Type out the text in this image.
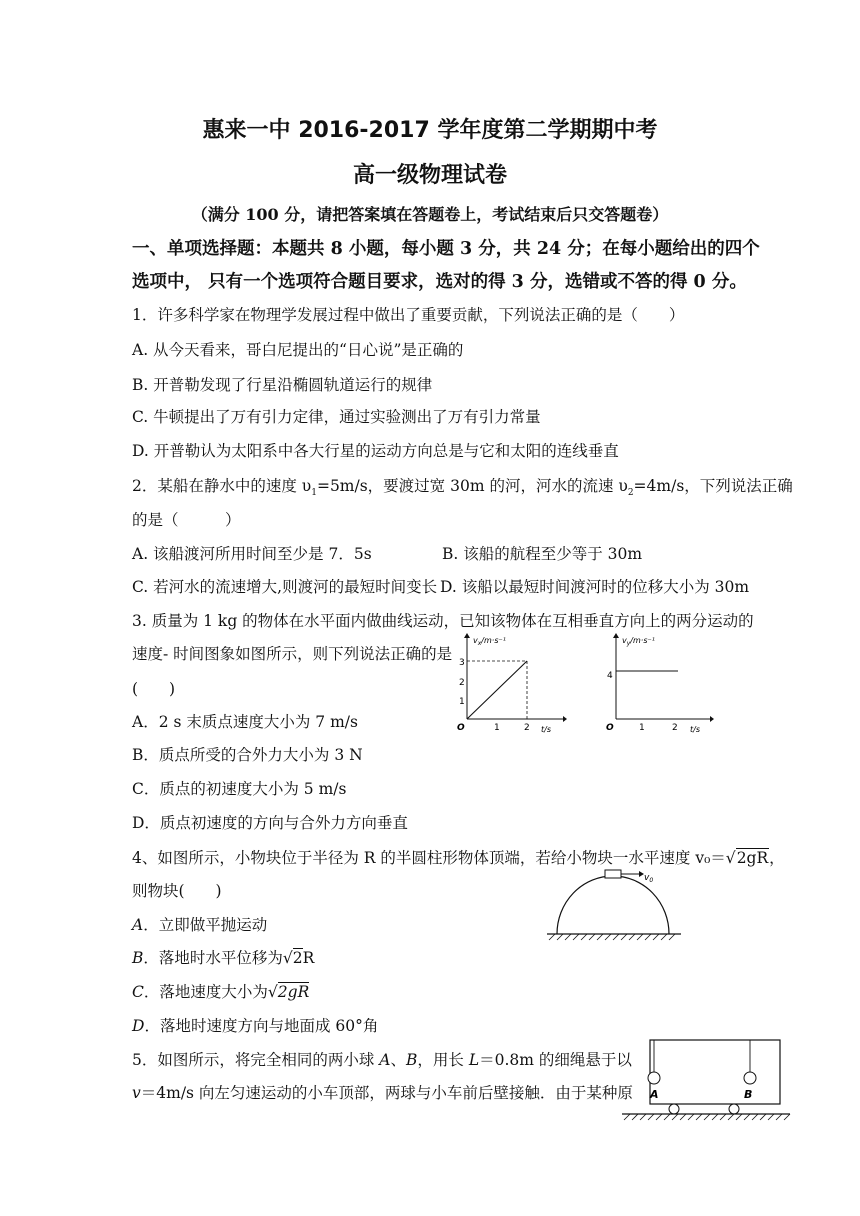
惠来一中 2016-2017 学年度第二学期期中考
高一级物理试卷
（满分 100 分，请把答案填在答题卷上，考试结束后只交答题卷）
一、单项选择题：本题共 8 小题，每小题 3 分，共 24 分；在每小题给出的四个
选项中， 只有一个选项符合题目要求，选对的得 3 分，选错或不答的得 0 分。
1．许多科学家在物理学发展过程中做出了重要贡献，下列说法正确的是（　　）
A. 从今天看来，哥白尼提出的“日心说”是正确的
B. 开普勒发现了行星沿椭圆轨道运行的规律
C. 牛顿提出了万有引力定律，通过实验测出了万有引力常量
D. 开普勒认为太阳系中各大行星的运动方向总是与它和太阳的连线垂直
2．某船在静水中的速度 $\upsilon_1=5m/s$，要渡过宽 30m 的河，河水的流速 $\upsilon_2=4m/s$，下列说法正确
的是（　　　）
A. 该船渡河所用时间至少是 7．5s	B. 该船的航程至少等于 30m
C. 若河水的流速增大,则渡河的最短时间变长 D. 该船以最短时间渡河时的位移大小为 30m
3. 质量为 1 kg 的物体在水平面内做曲线运动，已知该物体在互相垂直方向上的两分运动的
速度- 时间图象如图所示，则下列说法正确的是
(　　)
A．2 s 末质点速度大小为 7 m/s
B．质点所受的合外力大小为 3 N
C．质点的初速度大小为 5 m/s
D．质点初速度的方向与合外力方向垂直
$v_x/m\cdot s^{-1}$
3
2
1
O	1	2 t/s
$v_y/m\cdot s^{-1}$
4
O	1	2 t/s
4、如图所示，小物块位于半径为 R 的半圆柱形物体顶端，若给小物块一水平速度 v₀＝√2gR，
则物块(　　)
A．立即做平抛运动
B．落地时水平位移为√2R
C．落地速度大小为√2gR
D．落地时速度方向与地面成 60°角
$v_0$
5．如图所示，将完全相同的两小球 A、B，用长 L＝0.8m 的细绳悬于以
v＝4m/s 向左匀速运动的小车顶部，两球与小车前后壁接触．由于某种原 A	B
